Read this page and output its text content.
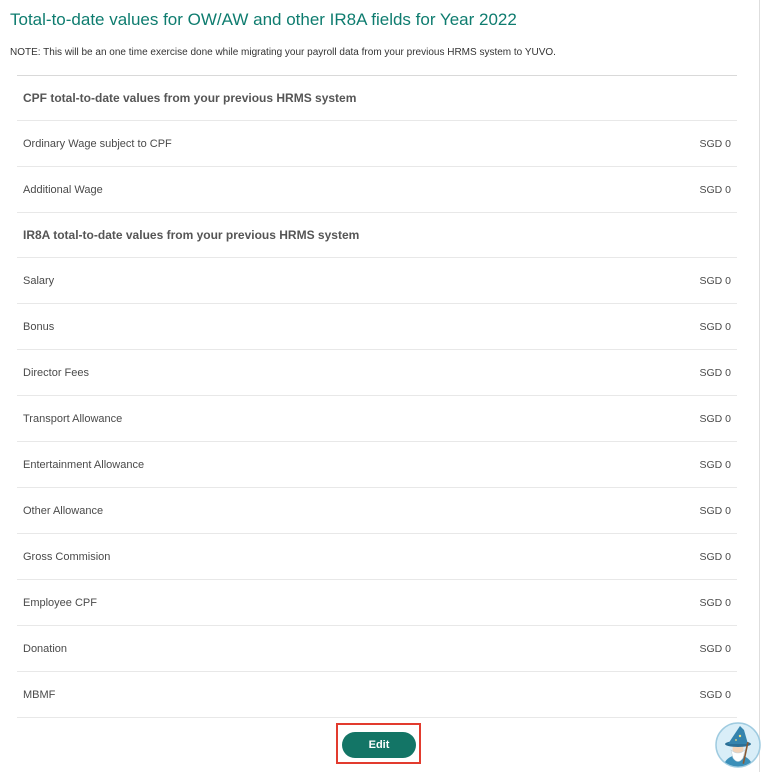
Total-to-date values for OW/AW and other IR8A fields for Year 2022
NOTE: This will be an one time exercise done while migrating your payroll data from your previous HRMS system to YUVO.
CPF total-to-date values from your previous HRMS system
Ordinary Wage subject to CPF	SGD 0
Additional Wage	SGD 0
IR8A total-to-date values from your previous HRMS system
Salary	SGD 0
Bonus	SGD 0
Director Fees	SGD 0
Transport Allowance	SGD 0
Entertainment Allowance	SGD 0
Other Allowance	SGD 0
Gross Commision	SGD 0
Employee CPF	SGD 0
Donation	SGD 0
MBMF	SGD 0
Edit
